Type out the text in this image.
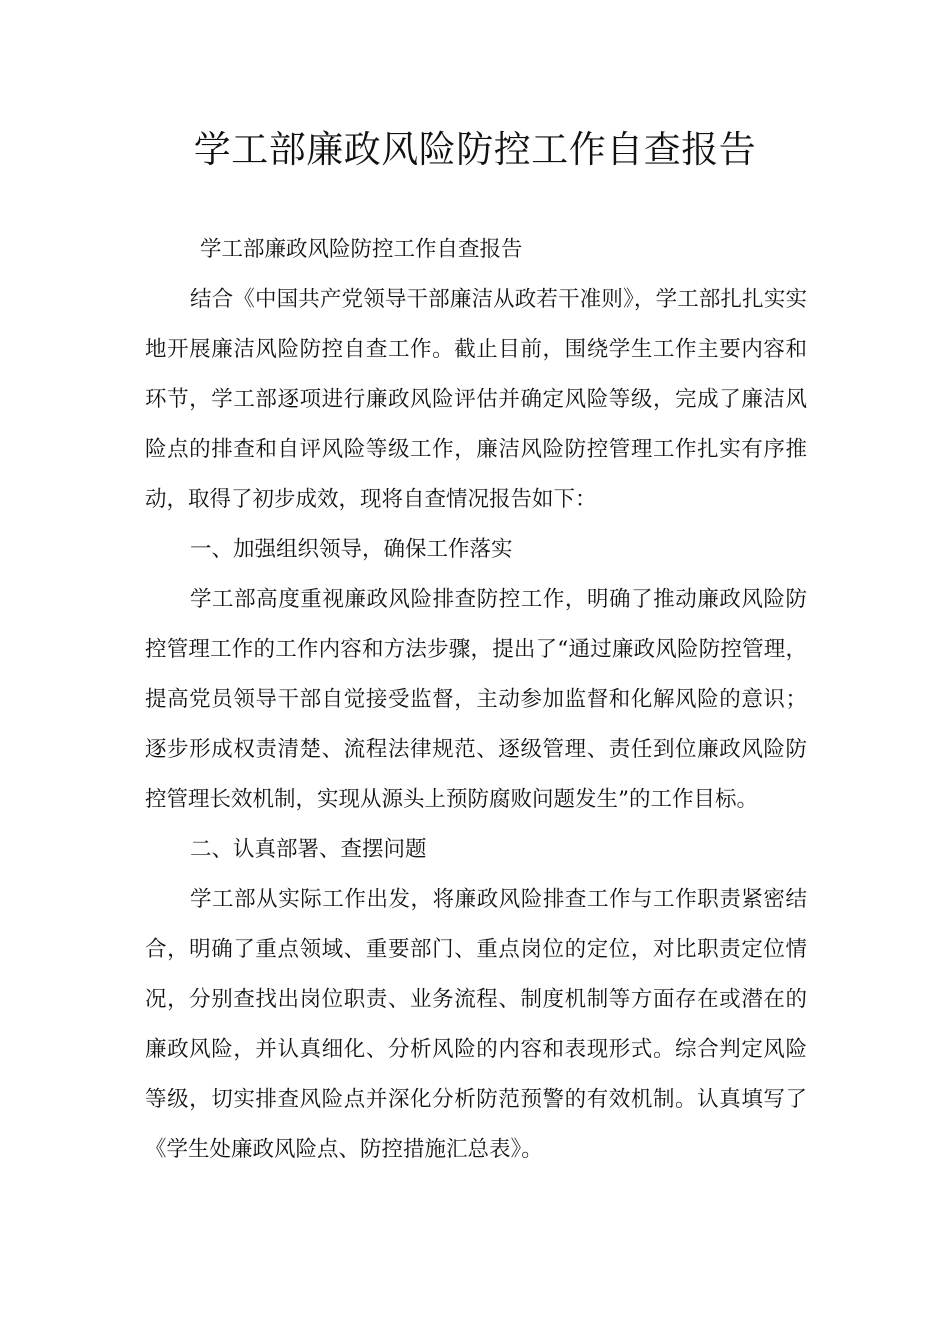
学工部廉政风险防控工作自查报告

学工部廉政风险防控工作自查报告

结合《中国共产党领导干部廉洁从政若干准则》，学工部扎扎实实地开展廉洁风险防控自查工作。截止目前，围绕学生工作主要内容和环节，学工部逐项进行廉政风险评估并确定风险等级，完成了廉洁风险点的排查和自评风险等级工作，廉洁风险防控管理工作扎实有序推动，取得了初步成效，现将自查情况报告如下：

一、加强组织领导，确保工作落实

学工部高度重视廉政风险排查防控工作，明确了推动廉政风险防控管理工作的工作内容和方法步骤，提出了“通过廉政风险防控管理，提高党员领导干部自觉接受监督，主动参加监督和化解风险的意识；逐步形成权责清楚、流程法律规范、逐级管理、责任到位廉政风险防控管理长效机制，实现从源头上预防腐败问题发生”的工作目标。

二、认真部署、查摆问题

学工部从实际工作出发，将廉政风险排查工作与工作职责紧密结合，明确了重点领域、重要部门、重点岗位的定位，对比职责定位情况，分别查找出岗位职责、业务流程、制度机制等方面存在或潜在的廉政风险，并认真细化、分析风险的内容和表现形式。综合判定风险等级，切实排查风险点并深化分析防范预警的有效机制。认真填写了《学生处廉政风险点、防控措施汇总表》。
